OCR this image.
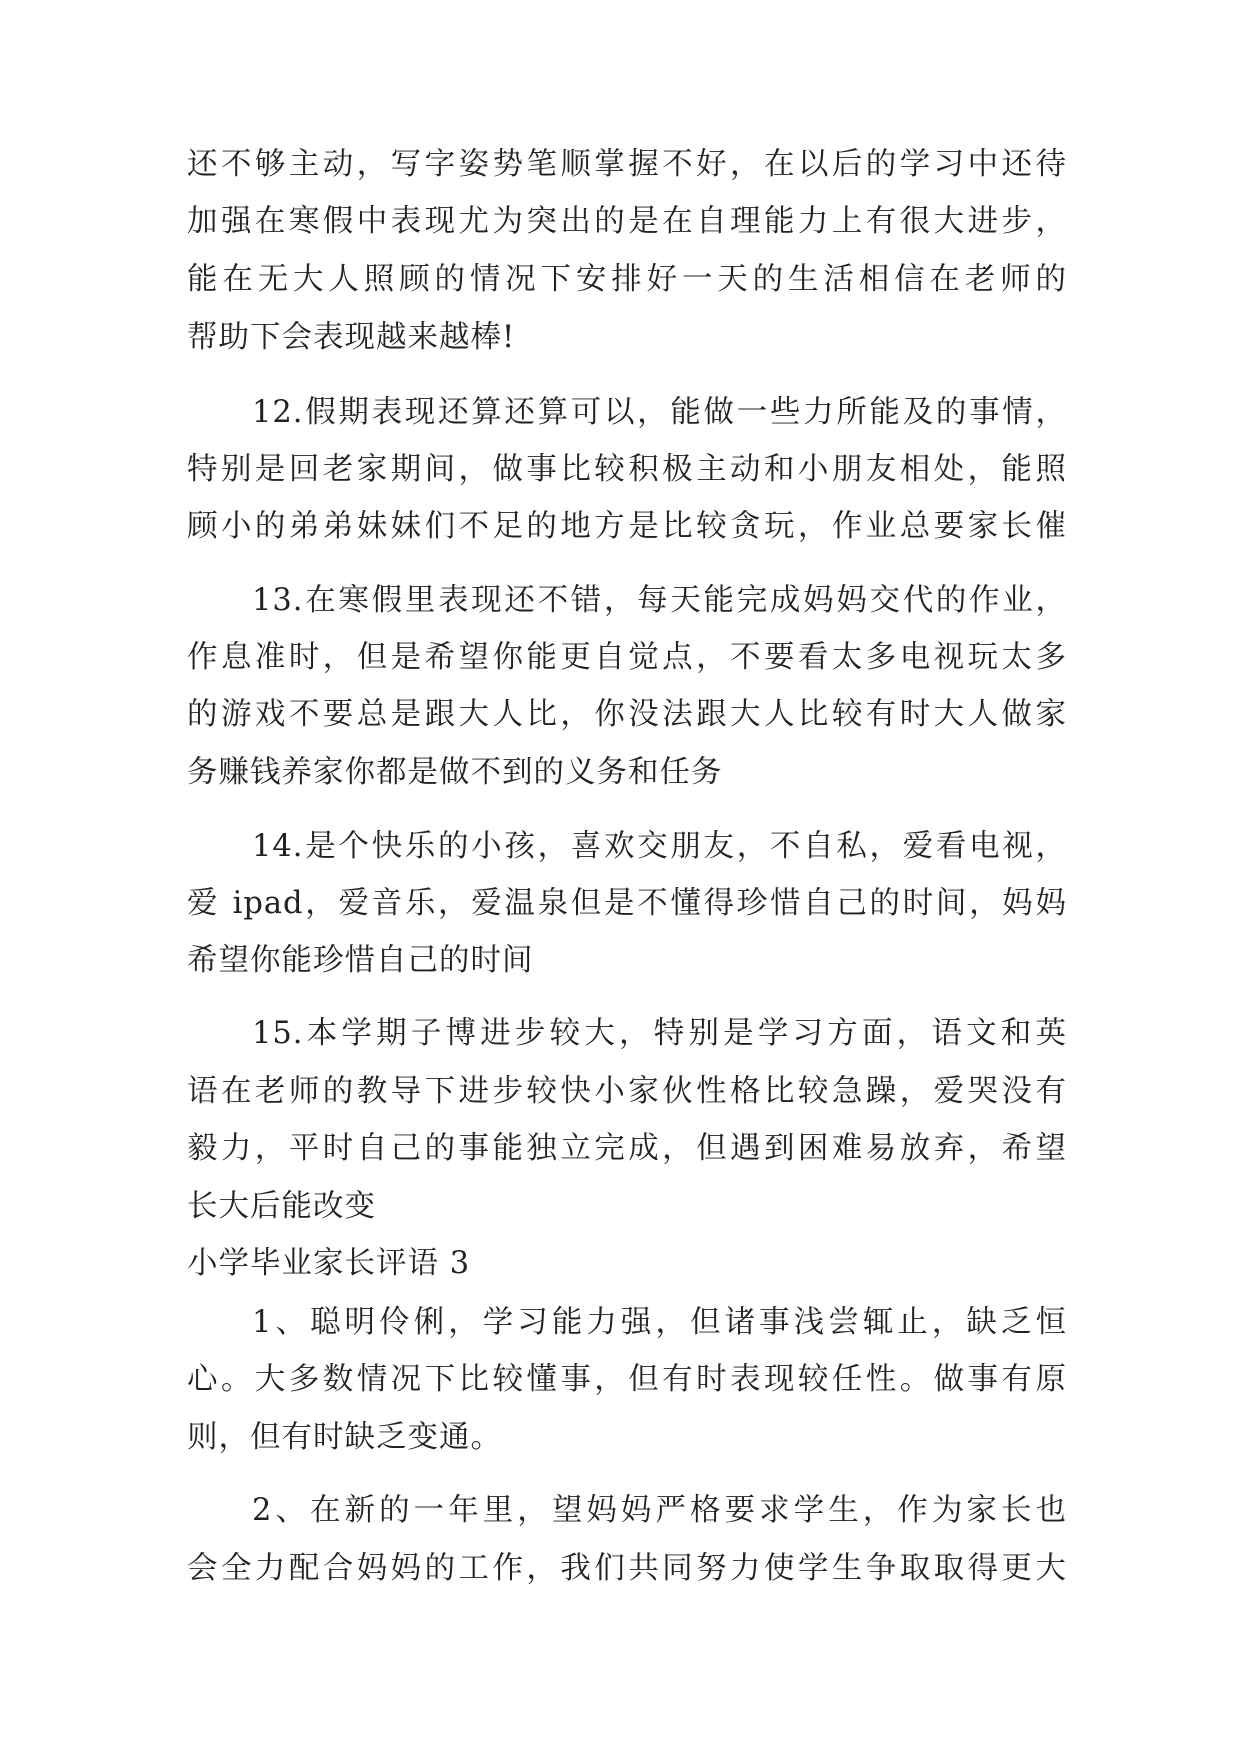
还不够主动，写字姿势笔顺掌握不好，在以后的学习中还待
加强在寒假中表现尤为突出的是在自理能力上有很大进步，
能在无大人照顾的情况下安排好一天的生活相信在老师的
帮助下会表现越来越棒!
12.假期表现还算还算可以，能做一些力所能及的事情，
特别是回老家期间，做事比较积极主动和小朋友相处，能照
顾小的弟弟妹妹们不足的地方是比较贪玩，作业总要家长催
13.在寒假里表现还不错，每天能完成妈妈交代的作业，
作息准时，但是希望你能更自觉点，不要看太多电视玩太多
的游戏不要总是跟大人比，你没法跟大人比较有时大人做家
务赚钱养家你都是做不到的义务和任务
14.是个快乐的小孩，喜欢交朋友，不自私，爱看电视，
爱 ipad，爱音乐，爱温泉但是不懂得珍惜自己的时间，妈妈
希望你能珍惜自己的时间
15.本学期子博进步较大，特别是学习方面，语文和英
语在老师的教导下进步较快小家伙性格比较急躁，爱哭没有
毅力，平时自己的事能独立完成，但遇到困难易放弃，希望
长大后能改变
小学毕业家长评语 3
1、聪明伶俐，学习能力强，但诸事浅尝辄止，缺乏恒
心。大多数情况下比较懂事，但有时表现较任性。做事有原
则，但有时缺乏变通。
2、在新的一年里，望妈妈严格要求学生，作为家长也
会全力配合妈妈的工作，我们共同努力使学生争取取得更大
